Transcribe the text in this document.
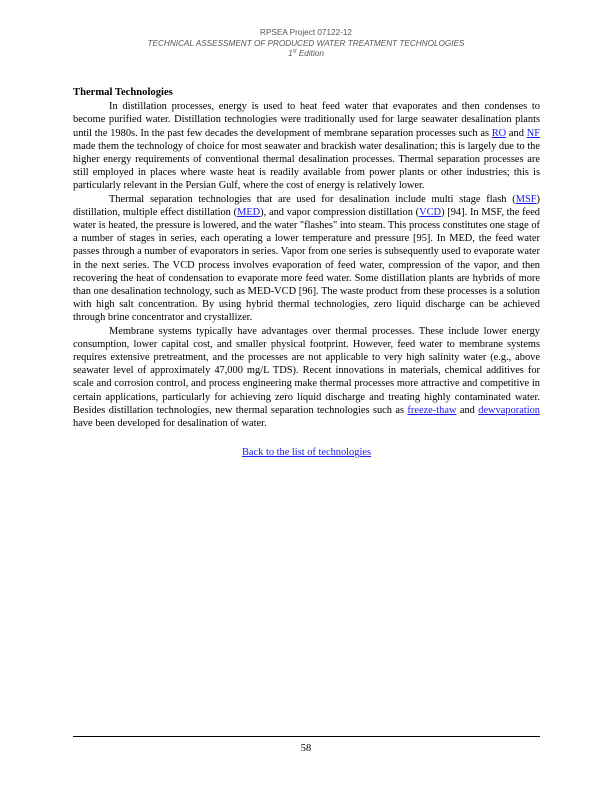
RPSEA Project 07122-12
TECHNICAL ASSESSMENT OF PRODUCED WATER TREATMENT TECHNOLOGIES
1st Edition
Thermal Technologies

In distillation processes, energy is used to heat feed water that evaporates and then condenses to become purified water. Distillation technologies were traditionally used for large seawater desalination plants until the 1980s. In the past few decades the development of membrane separation processes such as RO and NF made them the technology of choice for most seawater and brackish water desalination; this is largely due to the higher energy requirements of conventional thermal desalination processes. Thermal separation processes are still employed in places where waste heat is readily available from power plants or other industries; this is particularly relevant in the Persian Gulf, where the cost of energy is relatively lower.

Thermal separation technologies that are used for desalination include multi stage flash (MSF) distillation, multiple effect distillation (MED), and vapor compression distillation (VCD) [94]. In MSF, the feed water is heated, the pressure is lowered, and the water "flashes" into steam. This process constitutes one stage of a number of stages in series, each operating a lower temperature and pressure [95]. In MED, the feed water passes through a number of evaporators in series. Vapor from one series is subsequently used to evaporate water in the next series. The VCD process involves evaporation of feed water, compression of the vapor, and then recovering the heat of condensation to evaporate more feed water. Some distillation plants are hybrids of more than one desalination technology, such as MED-VCD [96]. The waste product from these processes is a solution with high salt concentration. By using hybrid thermal technologies, zero liquid discharge can be achieved through brine concentrator and crystallizer.

Membrane systems typically have advantages over thermal processes. These include lower energy consumption, lower capital cost, and smaller physical footprint. However, feed water to membrane systems requires extensive pretreatment, and the processes are not applicable to very high salinity water (e.g., above seawater level of approximately 47,000 mg/L TDS). Recent innovations in materials, chemical additives for scale and corrosion control, and process engineering make thermal processes more attractive and competitive in certain applications, particularly for achieving zero liquid discharge and treating highly contaminated water. Besides distillation technologies, new thermal separation technologies such as freeze-thaw and dewvaporation have been developed for desalination of water.

Back to the list of technologies
58
